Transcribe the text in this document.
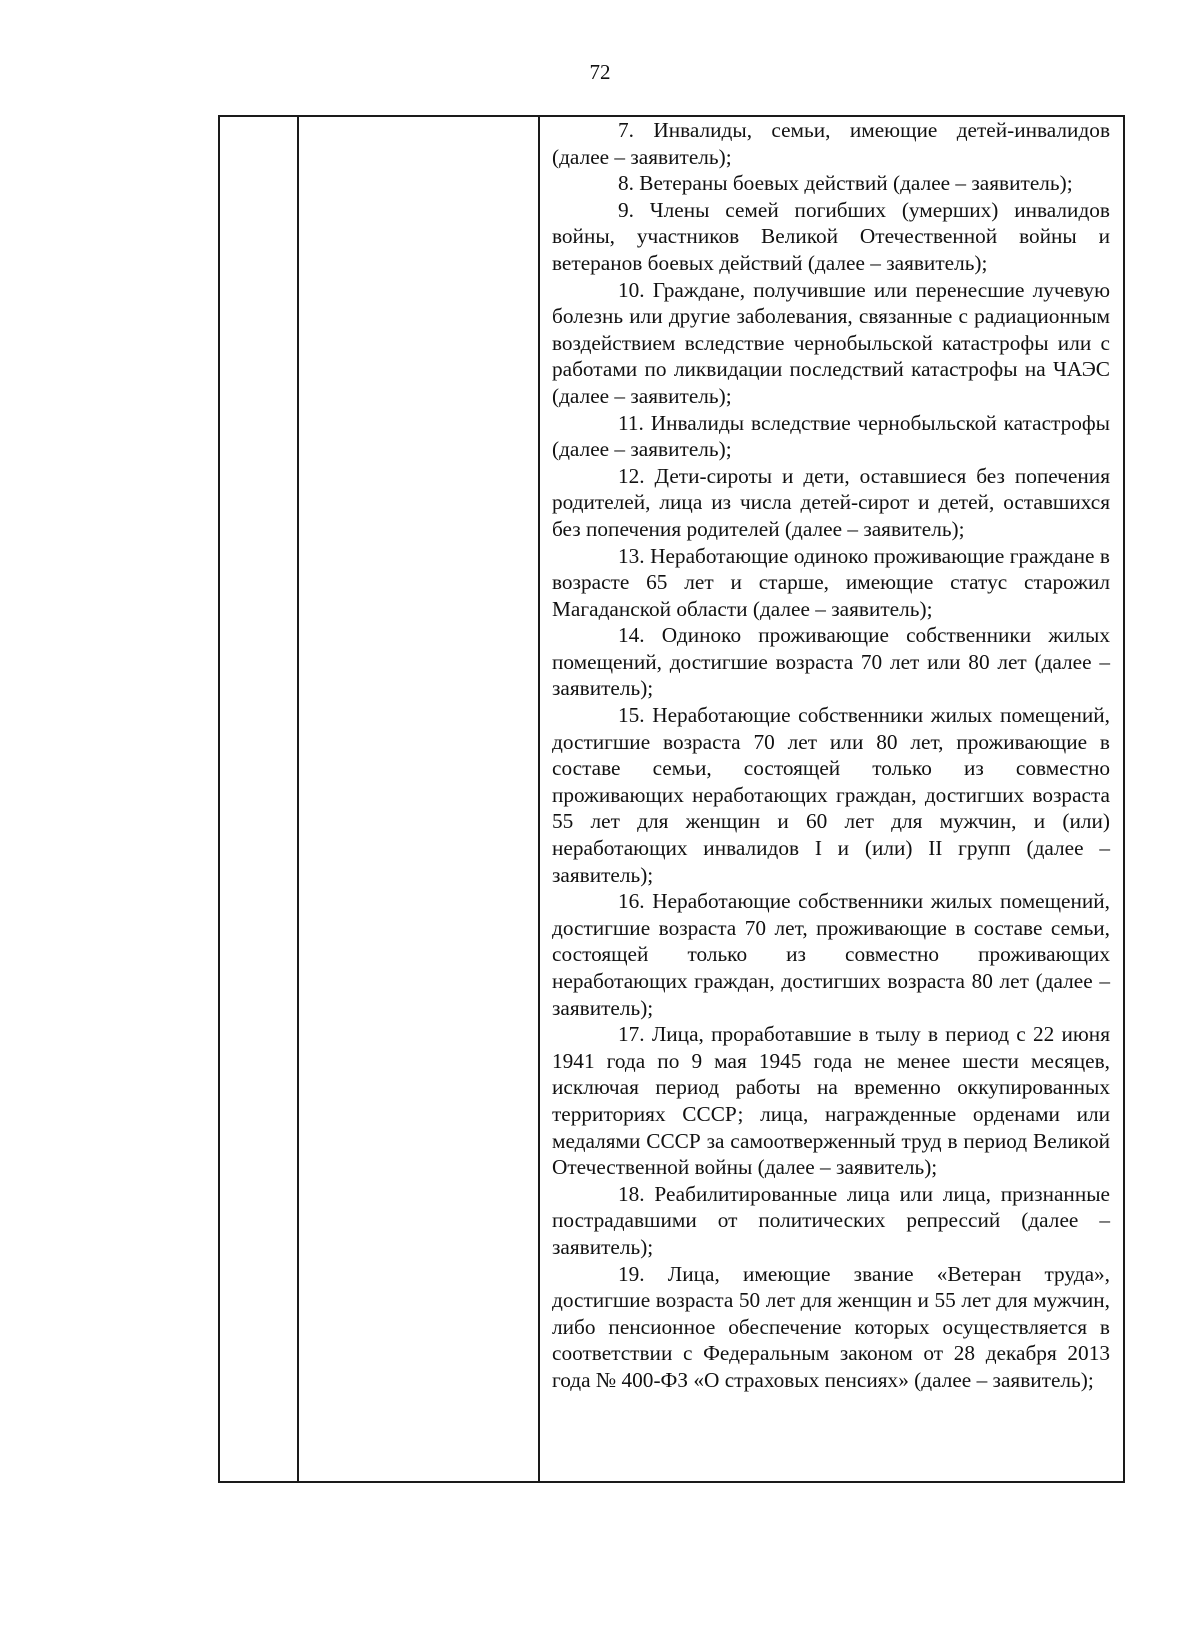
72

7. Инвалиды, семьи, имеющие детей-инвалидов (далее – заявитель);

8. Ветераны боевых действий (далее – заявитель);

9. Члены семей погибших (умерших) инвалидов войны, участников Великой Отечественной войны и ветеранов боевых действий (далее – заявитель);

10. Граждане, получившие или перенесшие лучевую болезнь или другие заболевания, связанные с радиационным воздействием вследствие чернобыльской катастрофы или с работами по ликвидации последствий катастрофы на ЧАЭС (далее – заявитель);

11. Инвалиды вследствие чернобыльской катастрофы (далее – заявитель);

12. Дети-сироты и дети, оставшиеся без попечения родителей, лица из числа детей-сирот и детей, оставшихся без попечения родителей (далее – заявитель);

13. Неработающие одиноко проживающие граждане в возрасте 65 лет и старше, имеющие статус старожил Магаданской области (далее – заявитель);

14. Одиноко проживающие собственники жилых помещений, достигшие возраста 70 лет или 80 лет (далее – заявитель);

15. Неработающие собственники жилых помещений, достигшие возраста 70 лет или 80 лет, проживающие в составе семьи, состоящей только из совместно проживающих неработающих граждан, достигших возраста 55 лет для женщин и 60 лет для мужчин, и (или) неработающих инвалидов I и (или) II групп (далее – заявитель);

16. Неработающие собственники жилых помещений, достигшие возраста 70 лет, проживающие в составе семьи, состоящей только из совместно проживающих неработающих граждан, достигших возраста 80 лет (далее – заявитель);

17. Лица, проработавшие в тылу в период с 22 июня 1941 года по 9 мая 1945 года не менее шести месяцев, исключая период работы на временно оккупированных территориях СССР; лица, награжденные орденами или медалями СССР за самоотверженный труд в период Великой Отечественной войны (далее – заявитель);

18. Реабилитированные лица или лица, признанные пострадавшими от политических репрессий (далее – заявитель);

19. Лица, имеющие звание «Ветеран труда», достигшие возраста 50 лет для женщин и 55 лет для мужчин, либо пенсионное обеспечение которых осуществляется в соответствии с Федеральным законом от 28 декабря 2013 года № 400-ФЗ «О страховых пенсиях» (далее – заявитель);
